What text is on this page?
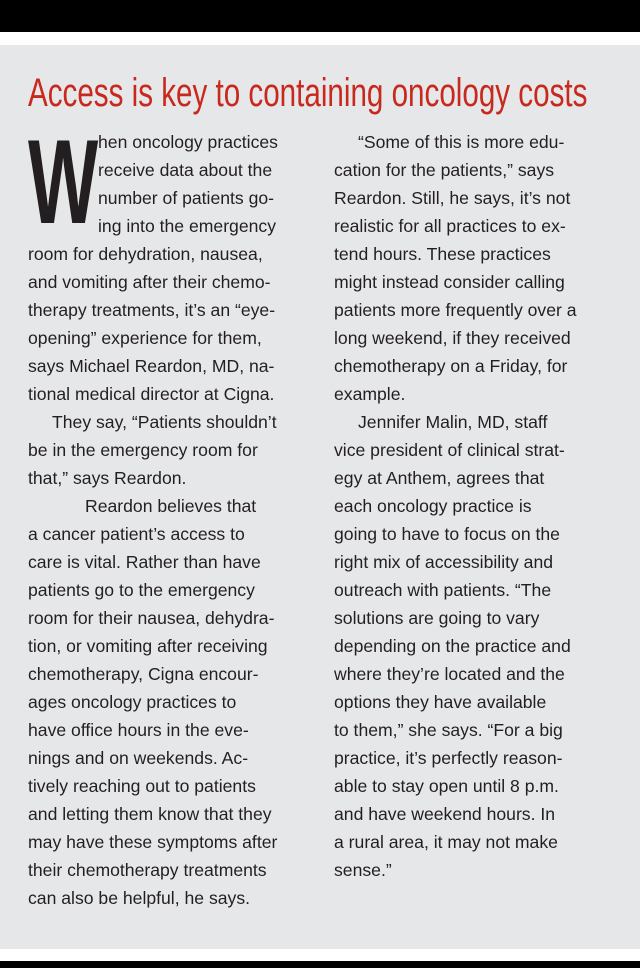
Access is key to containing oncology costs
W hen oncology practices
receive data about the
number of patients go-
ing into the emergency

room for dehydration, nausea,
and vomiting after their chemo-
therapy treatments, it’s an “eye-
opening” experience for them,
says Michael Reardon, MD, na-
tional medical director at Cigna.

They say, “Patients shouldn’t
be in the emergency room for
that,” says Reardon.

Reardon believes that
a cancer patient’s access to
care is vital. Rather than have
patients go to the emergency
room for their nausea, dehydra-
tion, or vomiting after receiving
chemotherapy, Cigna encour-
ages oncology practices to
have office hours in the eve-
nings and on weekends. Ac-
tively reaching out to patients
and letting them know that they
may have these symptoms after
their chemotherapy treatments
can also be helpful, he says.

“Some of this is more edu-
cation for the patients,” says
Reardon. Still, he says, it’s not
realistic for all practices to ex-
tend hours. These practices
might instead consider calling
patients more frequently over a
long weekend, if they received
chemotherapy on a Friday, for
example.

Jennifer Malin, MD, staff
vice president of clinical strat-
egy at Anthem, agrees that
each oncology practice is
going to have to focus on the
right mix of accessibility and
outreach with patients. “The
solutions are going to vary
depending on the practice and
where they’re located and the
options they have available
to them,” she says. “For a big
practice, it’s perfectly reason-
able to stay open until 8 p.m.
and have weekend hours. In
a rural area, it may not make
sense.”
